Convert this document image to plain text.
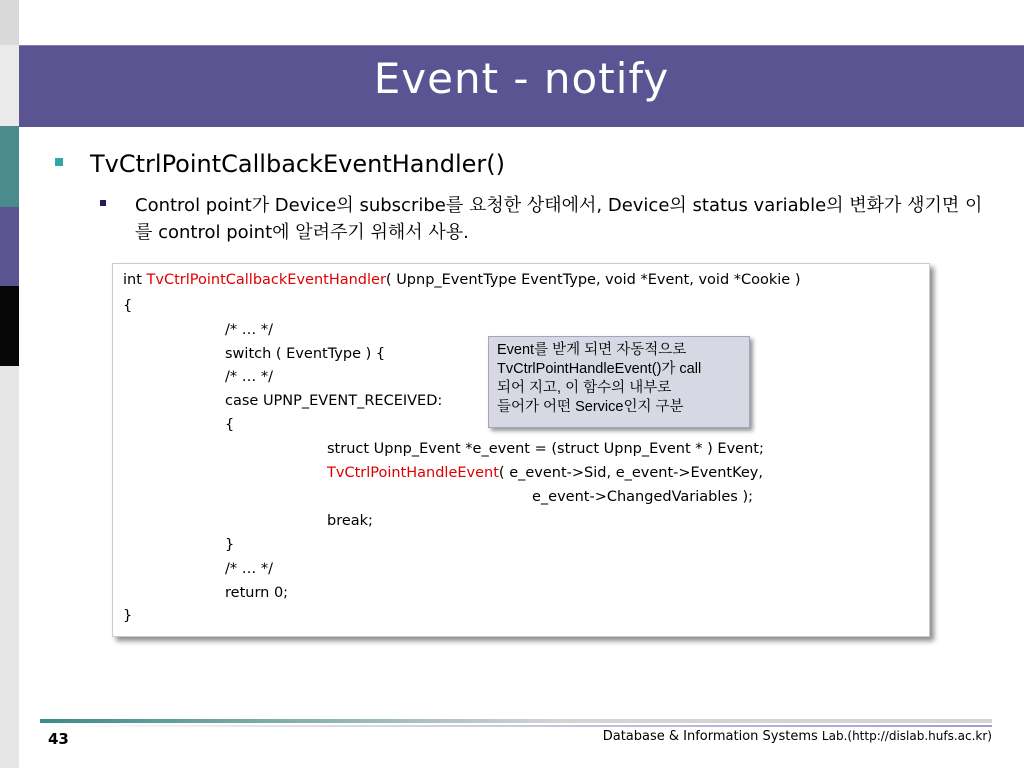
Event - notify
TvCtrlPointCallbackEventHandler()
Control point가 Device의 subscribe를 요청한 상태에서, Device의 status variable의 변화가 생기면 이를 control point에 알려주기 위해서 사용.
int TvCtrlPointCallbackEventHandler( Upnp_EventType EventType, void *Event, void *Cookie )
{
/* … */
switch ( EventType ) {
/* … */
case UPNP_EVENT_RECEIVED:
{
struct Upnp_Event *e_event = (struct Upnp_Event * ) Event;
TvCtrlPointHandleEvent( e_event->Sid, e_event->EventKey,
e_event->ChangedVariables );
break;
}
/* … */
return 0;
}
Event를 받게 되면 자동적으로
TvCtrlPointHandleEvent()가 call
되어 지고, 이 함수의 내부로
들어가 어떤 Service인지 구분
43	Database & Information Systems Lab.(http://dislab.hufs.ac.kr)
